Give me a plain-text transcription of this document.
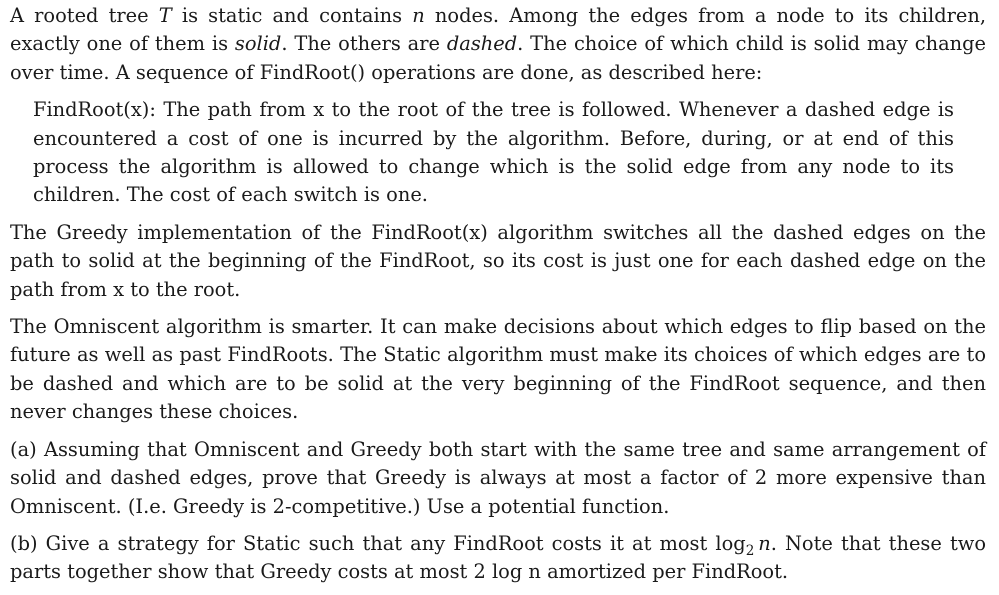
A rooted tree T is static and contains n nodes. Among the edges from a node to its children, exactly one of them is solid. The others are dashed. The choice of which child is solid may change over time. A sequence of FindRoot() operations are done, as described here:

FindRoot(x): The path from x to the root of the tree is followed. Whenever a dashed edge is encountered a cost of one is incurred by the algorithm. Before, during, or at end of this process the algorithm is allowed to change which is the solid edge from any node to its children. The cost of each switch is one.

The Greedy implementation of the FindRoot(x) algorithm switches all the dashed edges on the path to solid at the beginning of the FindRoot, so its cost is just one for each dashed edge on the path from x to the root.

The Omniscent algorithm is smarter. It can make decisions about which edges to flip based on the future as well as past FindRoots. The Static algorithm must make its choices of which edges are to be dashed and which are to be solid at the very beginning of the FindRoot sequence, and then never changes these choices.

(a) Assuming that Omniscent and Greedy both start with the same tree and same arrangement of solid and dashed edges, prove that Greedy is always at most a factor of 2 more expensive than Omniscent. (I.e. Greedy is 2-competitive.) Use a potential function.

(b) Give a strategy for Static such that any FindRoot costs it at most $\log_2 n$. Note that these two parts together show that Greedy costs at most 2 log n amortized per FindRoot.
